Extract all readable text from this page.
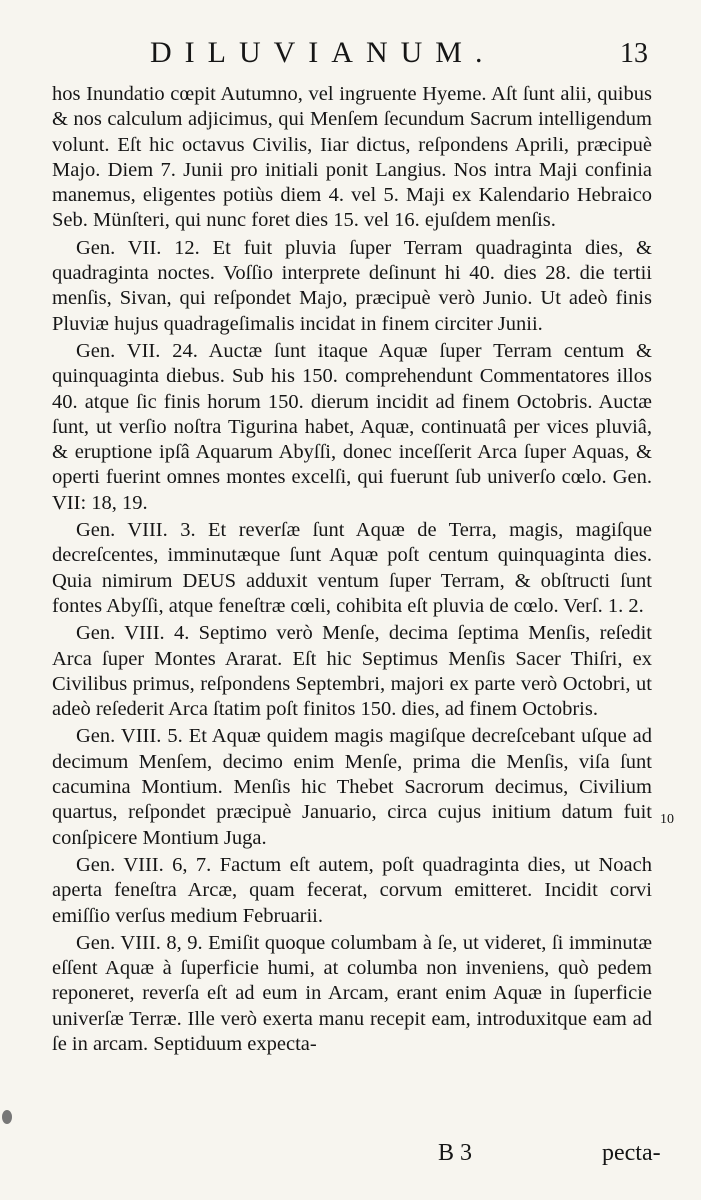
DILUVIANUM.	13

hos Inundatio cœpit Autumno, vel ingruente Hyeme. Aſt ſunt alii, quibus & nos calculum adjicimus, qui Menſem ſecundum Sacrum intelligendum volunt. Eſt hic octavus Civilis, Iiar dictus, reſpondens Aprili, præcipuè Majo. Diem 7. Junii pro initiali ponit Langius. Nos intra Maji confinia manemus, eligentes potiùs diem 4. vel 5. Maji ex Kalendario Hebraico Seb. Münſteri, qui nunc foret dies 15. vel 16. ejuſdem menſis.

Gen. VII. 12. Et fuit pluvia ſuper Terram quadraginta dies, & quadraginta noctes. Voſſio interprete deſinunt hi 40. dies 28. die tertii menſis, Sivan, qui reſpondet Majo, præcipuè verò Junio. Ut adeò finis Pluviæ hujus quadrageſimalis incidat in finem circiter Junii.

Gen. VII. 24. Auctæ ſunt itaque Aquæ ſuper Terram centum & quinquaginta diebus. Sub his 150. comprehendunt Commentatores illos 40. atque ſic finis horum 150. dierum incidit ad finem Octobris. Auctæ ſunt, ut verſio noſtra Tigurina habet, Aquæ, continuatâ per vices pluviâ, & eruptione ipſâ Aquarum Abyſſi, donec inceſſerit Arca ſuper Aquas, & operti fuerint omnes montes excelſi, qui fuerunt ſub univerſo cœlo. Gen. VII: 18, 19.

Gen. VIII. 3. Et reverſæ ſunt Aquæ de Terra, magis, magiſque decreſcentes, imminutæque ſunt Aquæ poſt centum quinquaginta dies. Quia nimirum DEUS adduxit ventum ſuper Terram, & obſtructi ſunt fontes Abyſſi, atque feneſtræ cœli, cohibita eſt pluvia de cœlo. Verſ. 1. 2.

Gen. VIII. 4. Septimo verò Menſe, decima ſeptima Menſis, reſedit Arca ſuper Montes Ararat. Eſt hic Septimus Menſis Sacer Thiſri, ex Civilibus primus, reſpondens Septembri, majori ex parte verò Octobri, ut adeò reſederit Arca ſtatim poſt finitos 150. dies, ad finem Octobris.

Gen. VIII. 5. Et Aquæ quidem magis magiſque decreſcebant uſque ad decimum Menſem, decimo enim Menſe, prima die Menſis, viſa ſunt cacumina Montium. Menſis hic Thebet Sacrorum decimus, Civilium quartus, reſpondet præcipuè Januario, circa cujus initium datum fuit conſpicere Montium Juga.

Gen. VIII. 6, 7. Factum eſt autem, poſt quadraginta dies, ut Noach aperta feneſtra Arcæ, quam fecerat, corvum emitteret. Incidit corvi emiſſio verſus medium Februarii.

Gen. VIII. 8, 9. Emiſit quoque columbam à ſe, ut videret, ſi imminutæ eſſent Aquæ à ſuperficie humi, at columba non inveniens, quò pedem reponeret, reverſa eſt ad eum in Arcam, erant enim Aquæ in ſuperficie univerſæ Terræ. Ille verò exerta manu recepit eam, introduxitque eam ad ſe in arcam. Septiduum expecta-

10
B 3	pecta-
